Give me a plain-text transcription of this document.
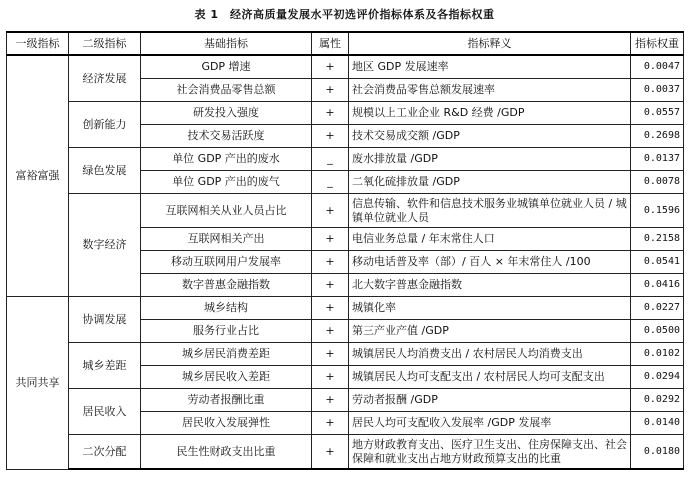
表 1　经济高质量发展水平初选评价指标体系及各指标权重
一级指标	二级指标	基础指标	属性	指标释义	指标权重
富裕富强	经济发展	GDP 增速	+	地区 GDP 发展速率	0.0047
		社会消费品零售总额	+	社会消费品零售总额发展速率	0.0037
	创新能力	研发投入强度	+	规模以上工业企业 R&D 经费 /GDP	0.0557
		技术交易活跃度	+	技术交易成交额 /GDP	0.2698
	绿色发展	单位 GDP 产出的废水	_	废水排放量 /GDP	0.0137
		单位 GDP 产出的废气	_	二氧化硫排放量 /GDP	0.0078
	数字经济	互联网相关从业人员占比	+	信息传输、软件和信息技术服务业城镇单位就业人员 / 城镇单位就业人员	0.1596
		互联网相关产出	+	电信业务总量 / 年末常住人口	0.2158
		移动互联网用户发展率	+	移动电话普及率（部）/ 百人 × 年末常住人 /100	0.0541
		数字普惠金融指数	+	北大数字普惠金融指数	0.0416
共同共享	协调发展	城乡结构	+	城镇化率	0.0227
		服务行业占比	+	第三产业产值 /GDP	0.0500
	城乡差距	城乡居民消费差距	+	城镇居民人均消费支出 / 农村居民人均消费支出	0.0102
		城乡居民收入差距	+	城镇居民人均可支配支出 / 农村居民人均可支配支出	0.0294
	居民收入	劳动者报酬比重	+	劳动者报酬 /GDP	0.0292
		居民收入发展弹性	+	居民人均可支配收入发展率 /GDP 发展率	0.0140
	二次分配	民生性财政支出比重	+	地方财政教育支出、医疗卫生支出、住房保障支出、社会保障和就业支出占地方财政预算支出的比重	0.0180
